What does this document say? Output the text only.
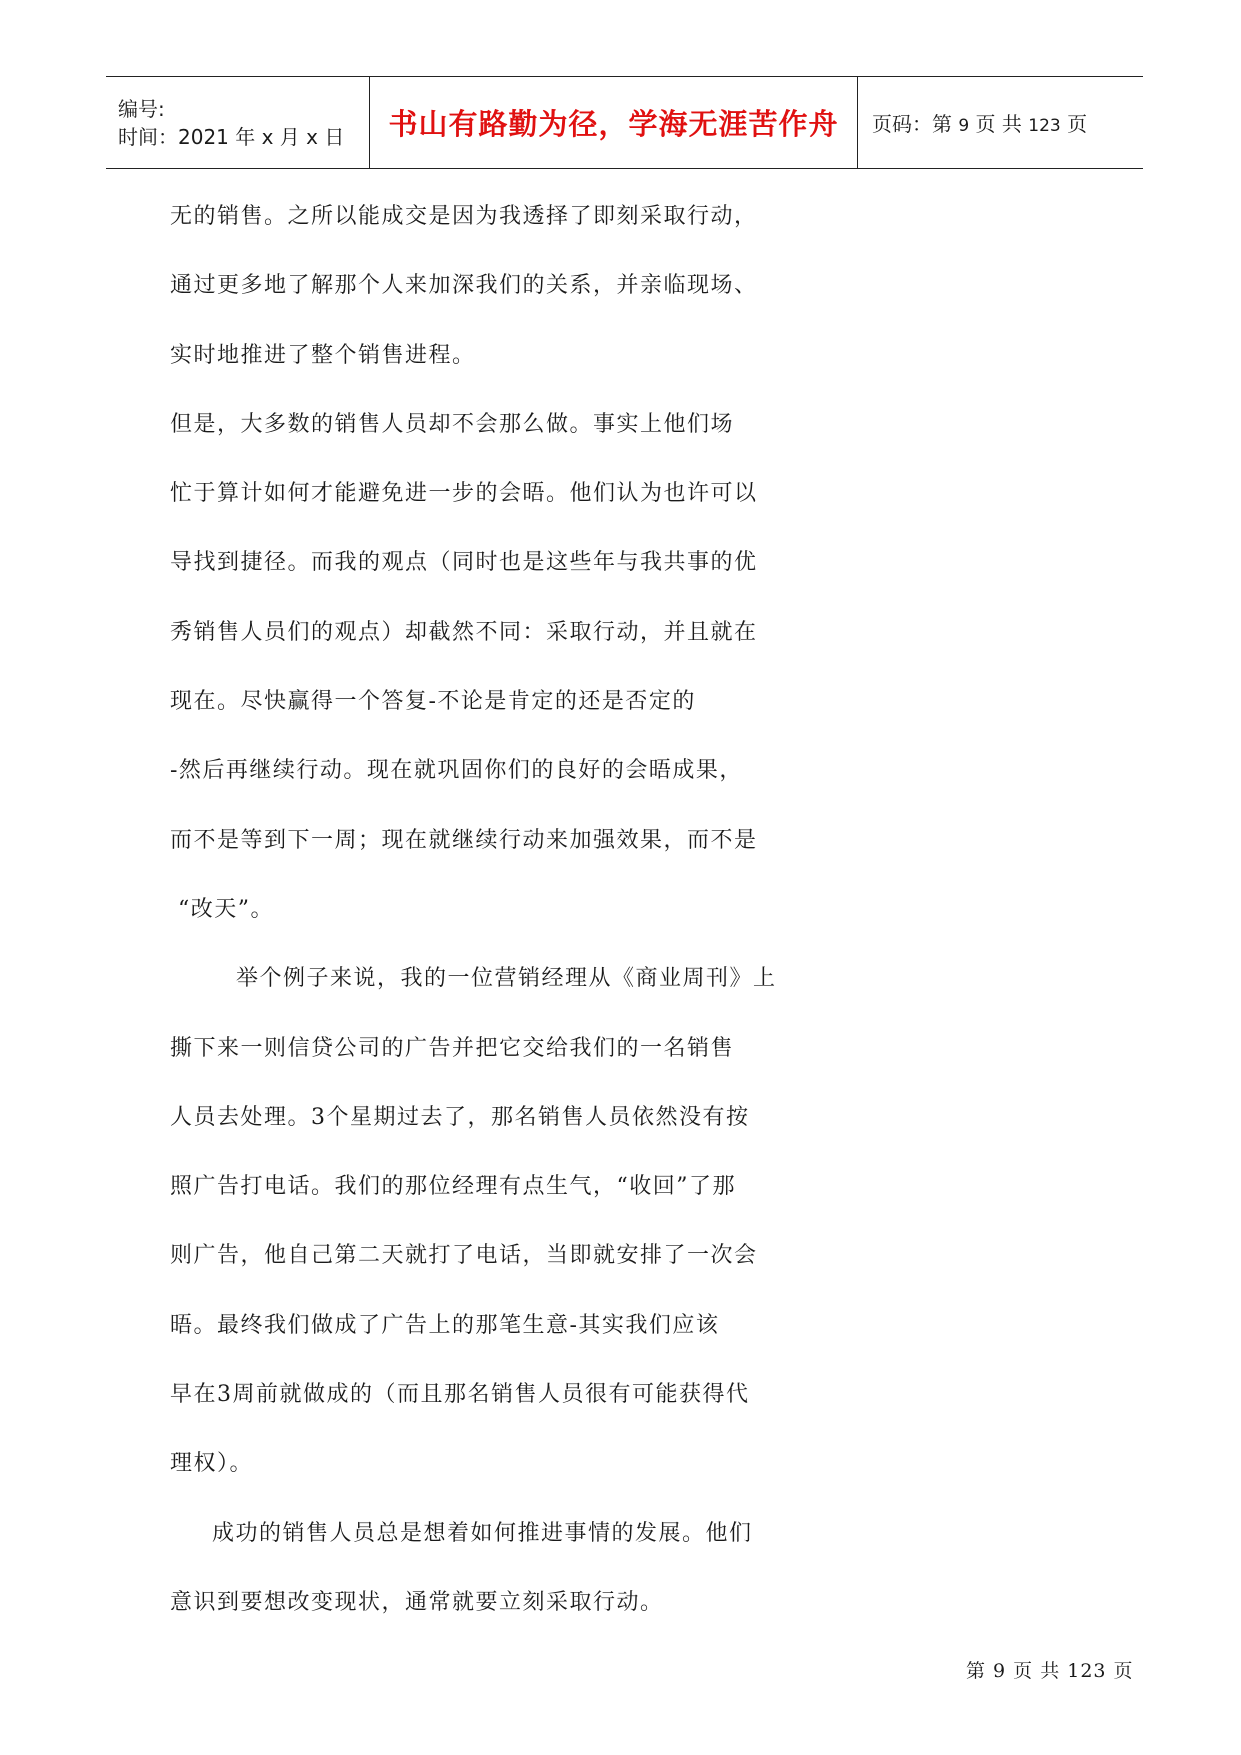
编号:
时间：2021 年 x 月 x 日	书山有路勤为径，学海无涯苦作舟 页码：第 9 页 共 123 页

无的销售。之所以能成交是因为我透择了即刻采取行动，

通过更多地了解那个人来加深我们的关系，并亲临现场、

实时地推进了整个销售进程。

但是，大多数的销售人员却不会那么做。事实上他们场

忙于算计如何才能避免进一步的会晤。他们认为也许可以

导找到捷径。而我的观点（同时也是这些年与我共事的优

秀销售人员们的观点）却截然不同：采取行动，并且就在

现在。尽快赢得一个答复-不论是肯定的还是否定的

-然后再继续行动。现在就巩固你们的良好的会晤成果，

而不是等到下一周；现在就继续行动来加强效果，而不是

“改天”。

举个例子来说，我的一位营销经理从《商业周刊》上

撕下来一则信贷公司的广告并把它交给我们的一名销售

人员去处理。3个星期过去了，那名销售人员依然没有按

照广告打电话。我们的那位经理有点生气，“收回”了那

则广告，他自己第二天就打了电话，当即就安排了一次会

晤。最终我们做成了广告上的那笔生意-其实我们应该

早在3周前就做成的（而且那名销售人员很有可能获得代

理权）。

成功的销售人员总是想着如何推进事情的发展。他们

意识到要想改变现状，通常就要立刻采取行动。

第 9 页 共 123 页
